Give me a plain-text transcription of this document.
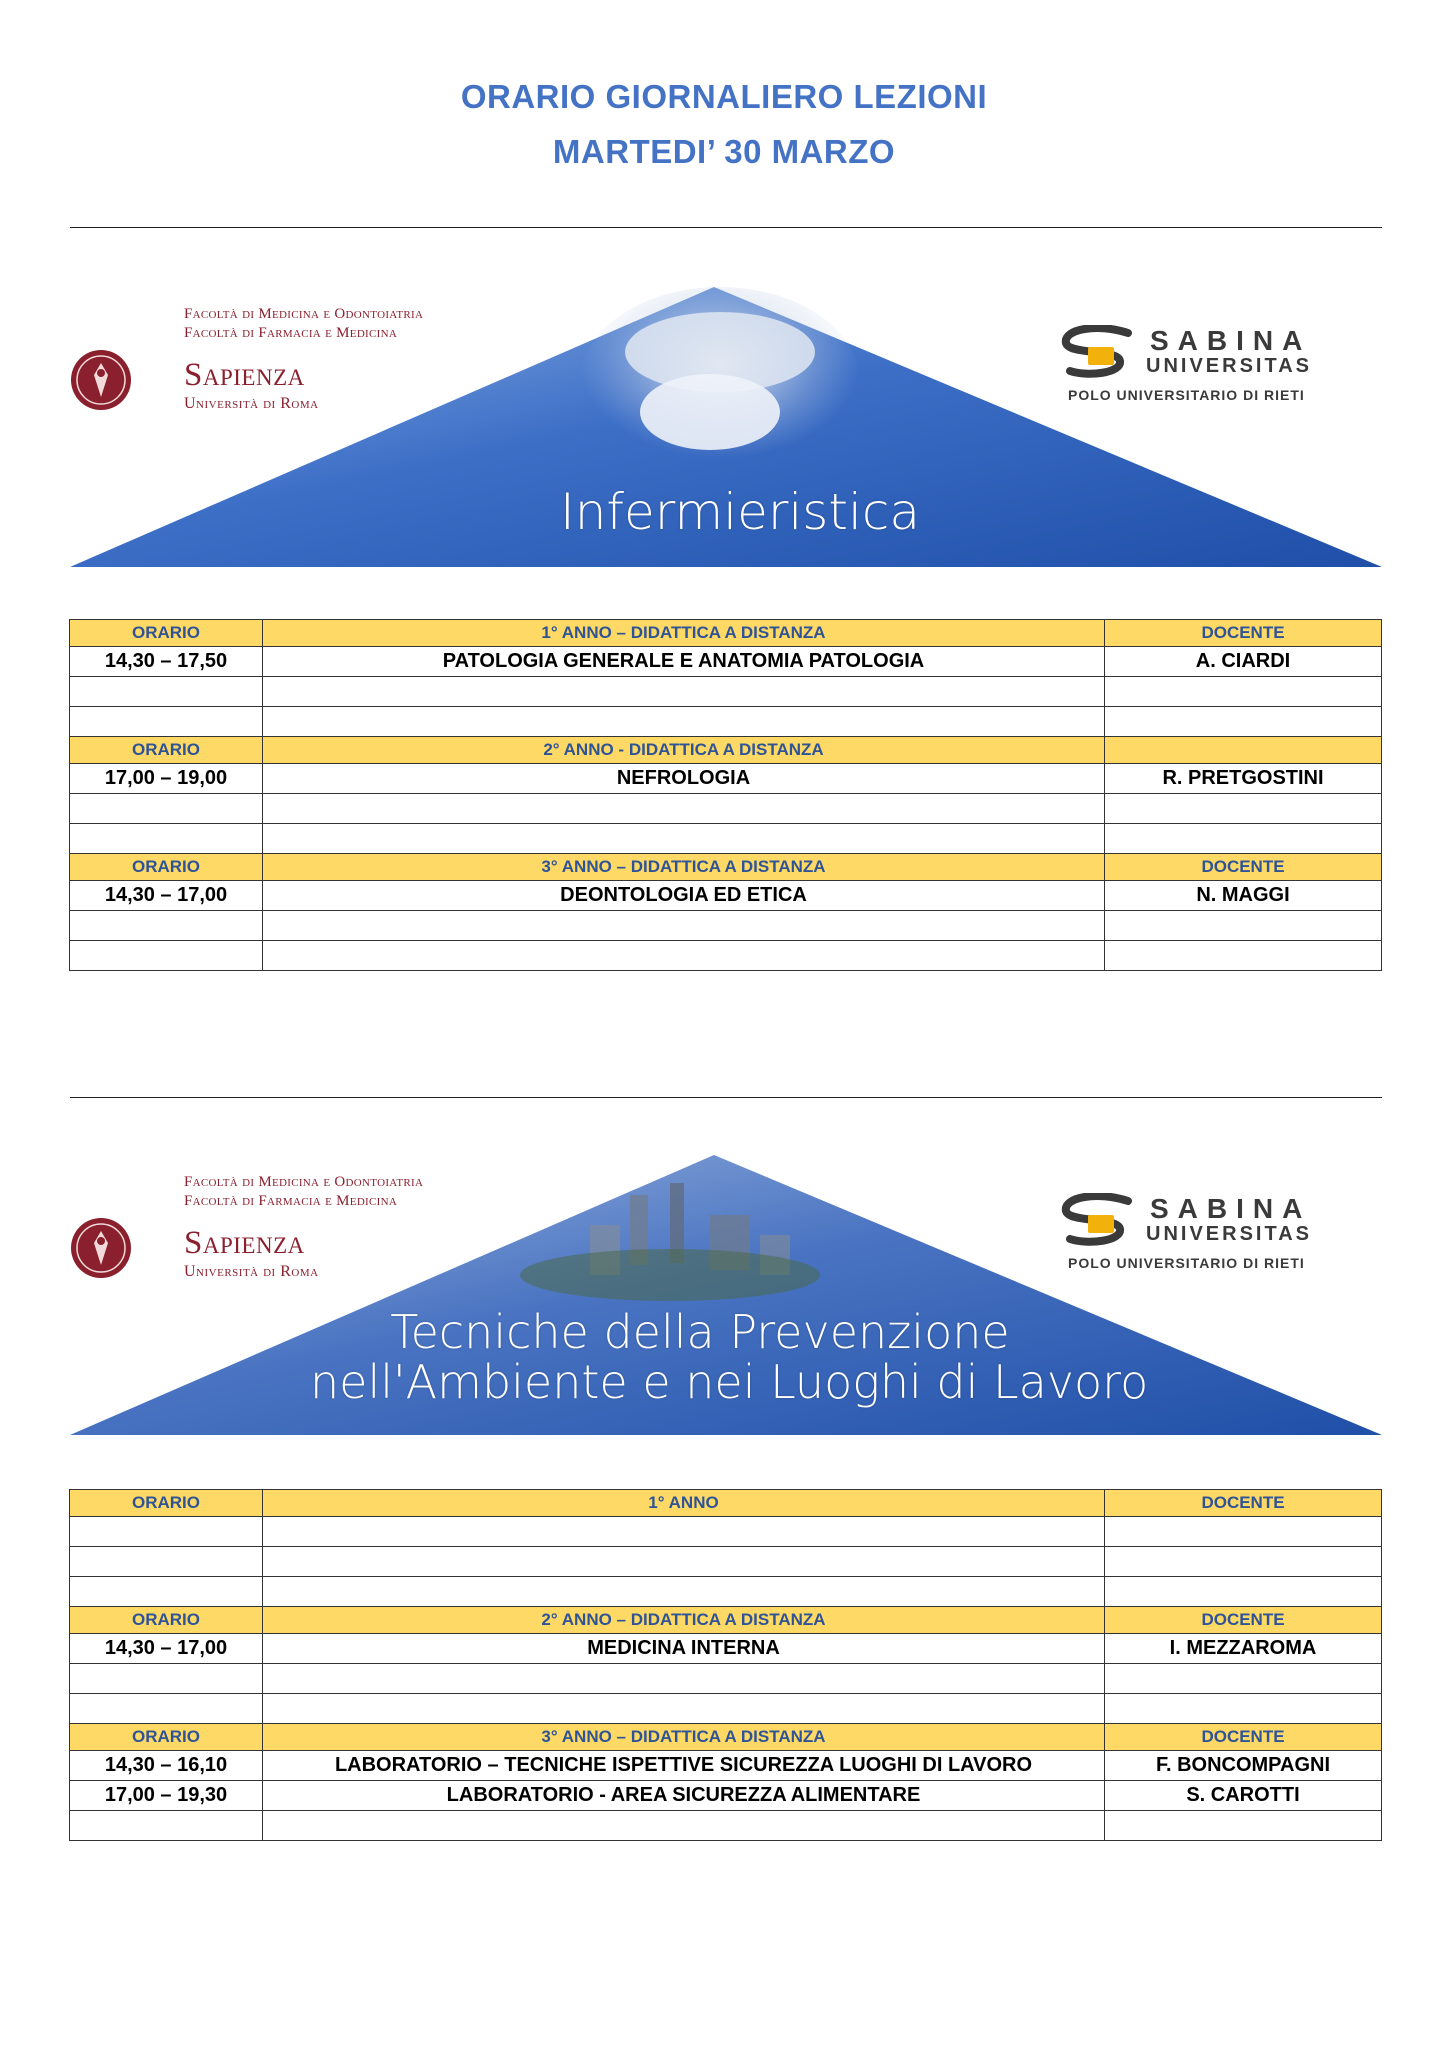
ORARIO GIORNALIERO LEZIONI
MARTEDI’ 30 MARZO
Facoltà di Medicina e Odontoiatria
Facoltà di Farmacia e Medicina
Sapienza
Università di Roma
SABINA
UNIVERSITAS
POLO UNIVERSITARIO DI RIETI
Infermieristica
ORARIO	1° ANNO – DIDATTICA A DISTANZA	DOCENTE
14,30 – 17,50	PATOLOGIA GENERALE E ANATOMIA PATOLOGIA	A. CIARDI

ORARIO	2° ANNO - DIDATTICA A DISTANZA	
17,00 – 19,00	NEFROLOGIA	R. PRETGOSTINI

ORARIO	3° ANNO – DIDATTICA A DISTANZA	DOCENTE
14,30 – 17,00	DEONTOLOGIA ED ETICA	N. MAGGI

Facoltà di Medicina e Odontoiatria
Facoltà di Farmacia e Medicina
Sapienza
Università di Roma
SABINA
UNIVERSITAS
POLO UNIVERSITARIO DI RIETI
Tecniche della Prevenzione
nell'Ambiente e nei Luoghi di Lavoro
ORARIO	1° ANNO	DOCENTE

ORARIO	2° ANNO – DIDATTICA A DISTANZA	DOCENTE
14,30 – 17,00	MEDICINA INTERNA	I. MEZZAROMA

ORARIO	3° ANNO – DIDATTICA A DISTANZA	DOCENTE
14,30 – 16,10	LABORATORIO – TECNICHE ISPETTIVE SICUREZZA LUOGHI DI LAVORO	F. BONCOMPAGNI
17,00 – 19,30	LABORATORIO - AREA SICUREZZA ALIMENTARE	S. CAROTTI
